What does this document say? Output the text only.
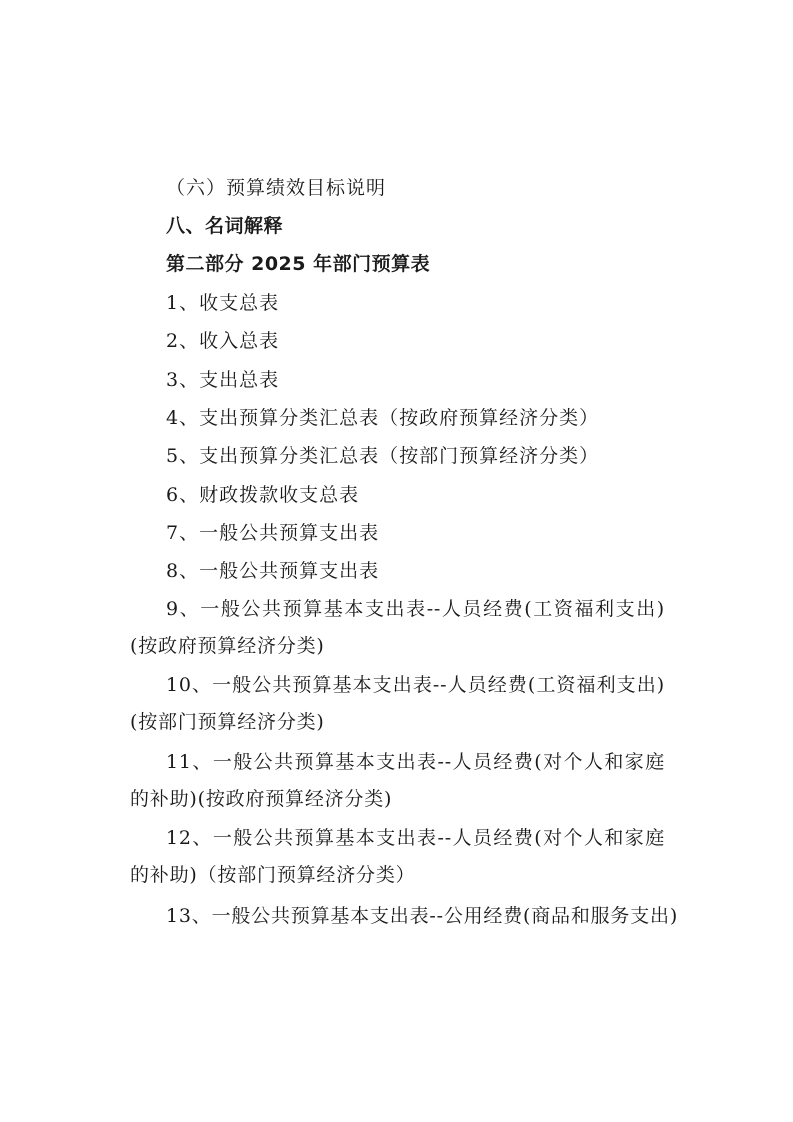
（六）预算绩效目标说明
八、名词解释
第二部分 2025 年部门预算表
1、收支总表
2、收入总表
3、支出总表
4、支出预算分类汇总表（按政府预算经济分类）
5、支出预算分类汇总表（按部门预算经济分类）
6、财政拨款收支总表
7、一般公共预算支出表
8、一般公共预算支出表
9、一般公共预算基本支出表--人员经费(工资福利支出)(按政府预算经济分类)
10、一般公共预算基本支出表--人员经费(工资福利支出)(按部门预算经济分类)
11、一般公共预算基本支出表--人员经费(对个人和家庭的补助)(按政府预算经济分类)
12、一般公共预算基本支出表--人员经费(对个人和家庭的补助)（按部门预算经济分类）
13、一般公共预算基本支出表--公用经费(商品和服务支出)
